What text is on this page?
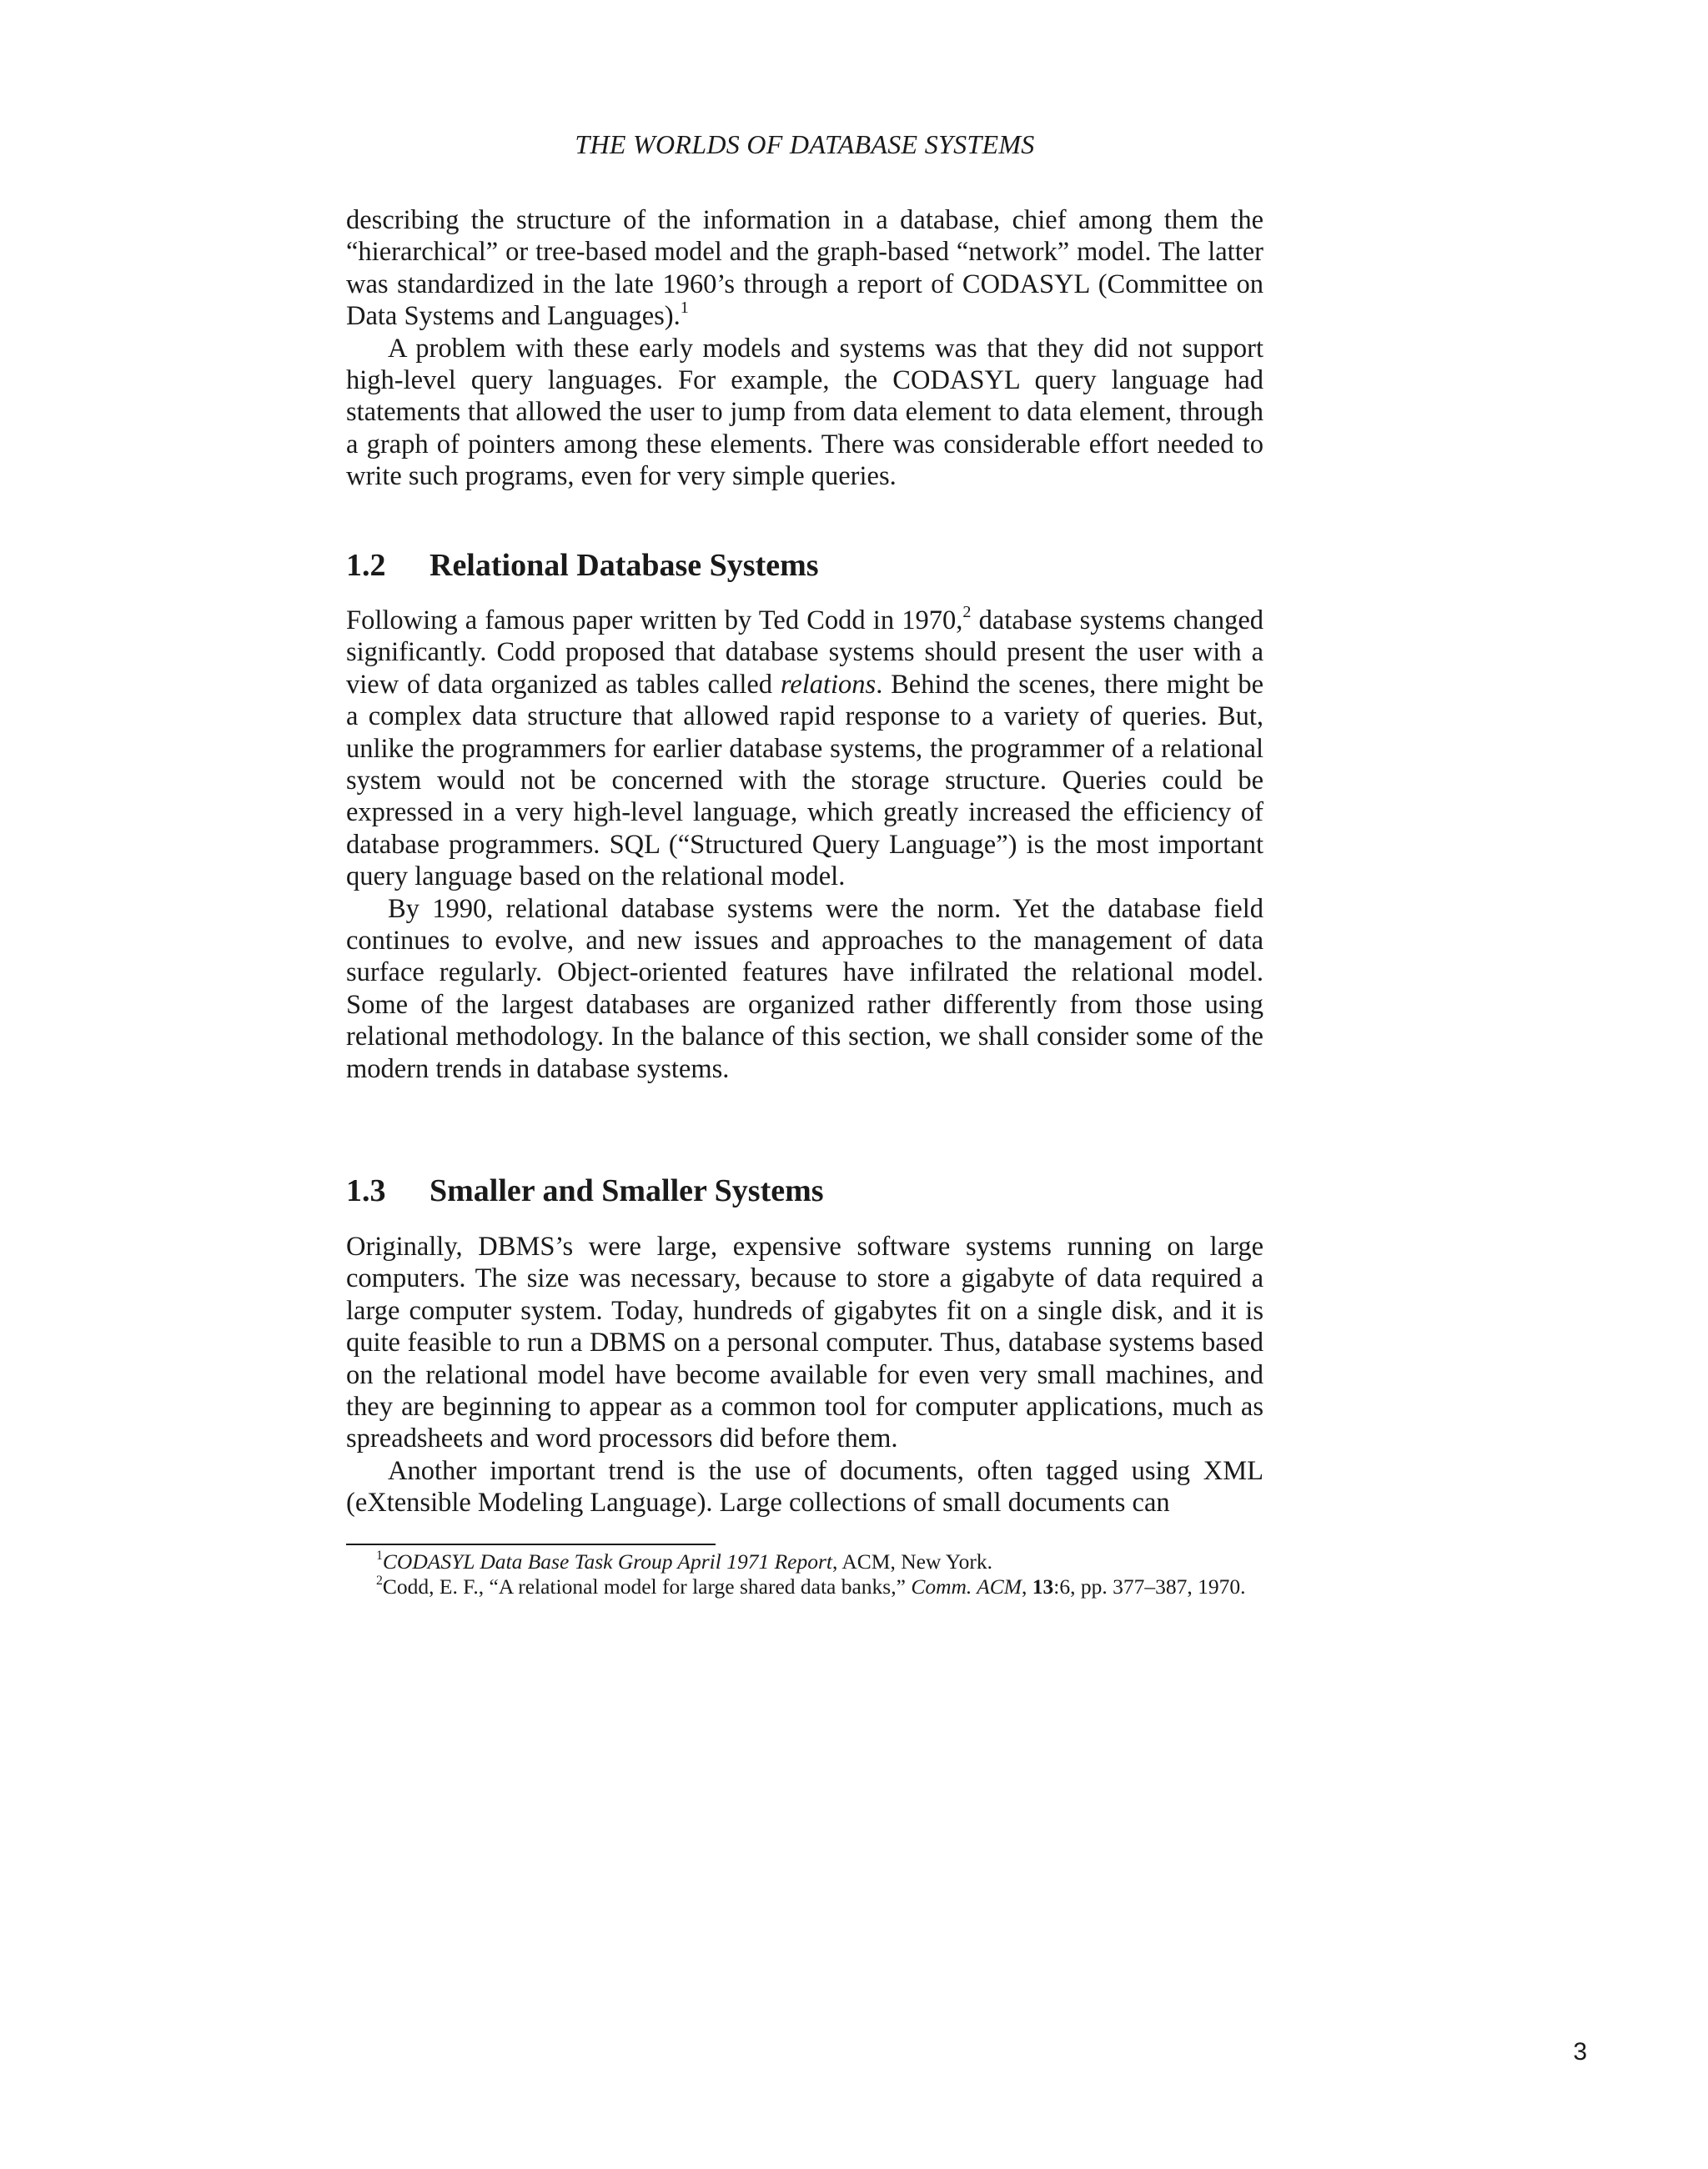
THE WORLDS OF DATABASE SYSTEMS

describing the structure of the information in a database, chief among them the “hierarchical” or tree-based model and the graph-based “network” model. The latter was standardized in the late 1960’s through a report of CODASYL (Committee on Data Systems and Languages).$^1$

A problem with these early models and systems was that they did not support high-level query languages. For example, the CODASYL query language had statements that allowed the user to jump from data element to data element, through a graph of pointers among these elements. There was considerable effort needed to write such programs, even for very simple queries.

1.2 Relational Database Systems

Following a famous paper written by Ted Codd in 1970,$^2$ database systems changed significantly. Codd proposed that database systems should present the user with a view of data organized as tables called relations. Behind the scenes, there might be a complex data structure that allowed rapid response to a variety of queries. But, unlike the programmers for earlier database systems, the programmer of a relational system would not be concerned with the storage structure. Queries could be expressed in a very high-level language, which greatly increased the efficiency of database programmers. SQL (“Structured Query Language”) is the most important query language based on the relational model.

By 1990, relational database systems were the norm. Yet the database field continues to evolve, and new issues and approaches to the management of data surface regularly. Object-oriented features have infilrated the relational model. Some of the largest databases are organized rather differently from those using relational methodology. In the balance of this section, we shall consider some of the modern trends in database systems.

1.3 Smaller and Smaller Systems

Originally, DBMS’s were large, expensive software systems running on large computers. The size was necessary, because to store a gigabyte of data required a large computer system. Today, hundreds of gigabytes fit on a single disk, and it is quite feasible to run a DBMS on a personal computer. Thus, database systems based on the relational model have become available for even very small machines, and they are beginning to appear as a common tool for computer applications, much as spreadsheets and word processors did before them.

Another important trend is the use of documents, often tagged using XML (eXtensible Modeling Language). Large collections of small documents can

$^1$CODASYL Data Base Task Group April 1971 Report, ACM, New York.

$^2$Codd, E. F., “A relational model for large shared data banks,” Comm. ACM, 13:6, pp. 377–387, 1970.

3
